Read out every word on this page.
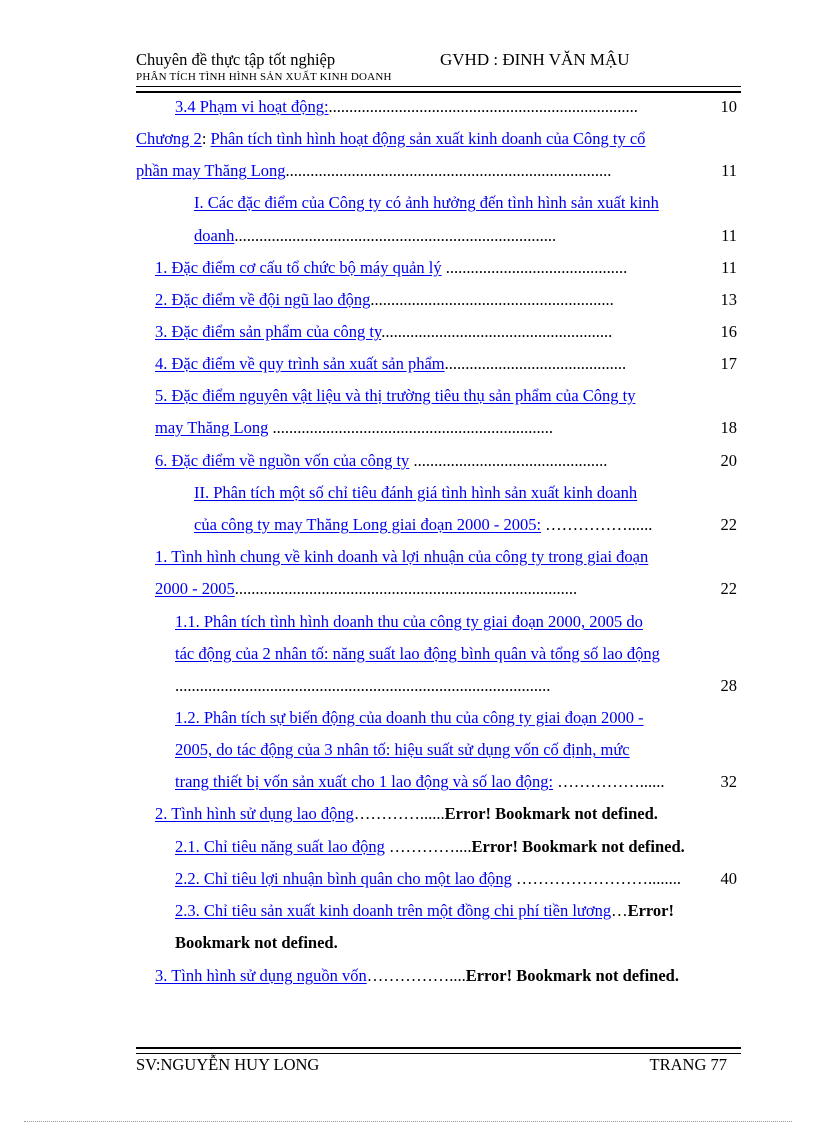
Chuyên đề thực tập tốt nghiệp	GVHD : ĐINH VĂN MẬU
PHÂN TÍCH TÌNH HÌNH SẢN XUẤT KINH DOANH
3.4 Phạm vi hoạt động:...........................................................................	10
Chương 2: Phân tích tình hình hoạt động sản xuất kinh doanh của Công ty cổ
phần may Thăng Long...............................................................................	11
I. Các đặc điểm của Công ty có ảnh hưởng đến tình hình sản xuất kinh
doanh..............................................................................	11
1. Đặc điểm cơ cấu tổ chức bộ máy quản lý ............................................	11
2. Đặc điểm về đội ngũ lao động...........................................................	13
3. Đặc điểm sản phẩm của công ty........................................................	16
4. Đặc điểm về quy trình sản xuất sản phẩm............................................	17
5. Đặc điểm nguyên vật liệu và thị trường tiêu thụ sản phẩm của Công ty
may Thăng Long ....................................................................	18
6. Đặc điểm về nguồn vốn của công ty ...............................................	20
II. Phân tích một số chỉ tiêu đánh giá tình hình sản xuất kinh doanh
của công ty may Thăng Long giai đoạn 2000 - 2005: ……………......	22
1. Tình hình chung về kinh doanh và lợi nhuận của công ty trong giai đoạn
2000 - 2005...................................................................................	22
1.1. Phân tích tình hình doanh thu của công ty giai đoạn 2000, 2005 do
tác động của 2 nhân tố: năng suất lao động bình quân và tổng số lao động
...........................................................................................	28
1.2. Phân tích sự biến động của doanh thu của công ty giai đoạn 2000 -
2005, do tác động của 3 nhân tố: hiệu suất sử dụng vốn cố định, mức
trang thiết bị vốn sản xuất cho 1 lao động và số lao động: ……………......	32
2. Tình hình sử dụng lao động…………......Error! Bookmark not defined.
2.1. Chỉ tiêu năng suất lao động …………....Error! Bookmark not defined.
2.2. Chỉ tiêu lợi nhuận bình quân cho một lao động ……………………........ 40
2.3. Chỉ tiêu sản xuất kinh doanh trên một đồng chi phí tiền lương…Error!
Bookmark not defined.
3. Tình hình sử dụng nguồn vốn……………....Error! Bookmark not defined.
SV:NGUYỄN HUY LONG	TRANG 77
